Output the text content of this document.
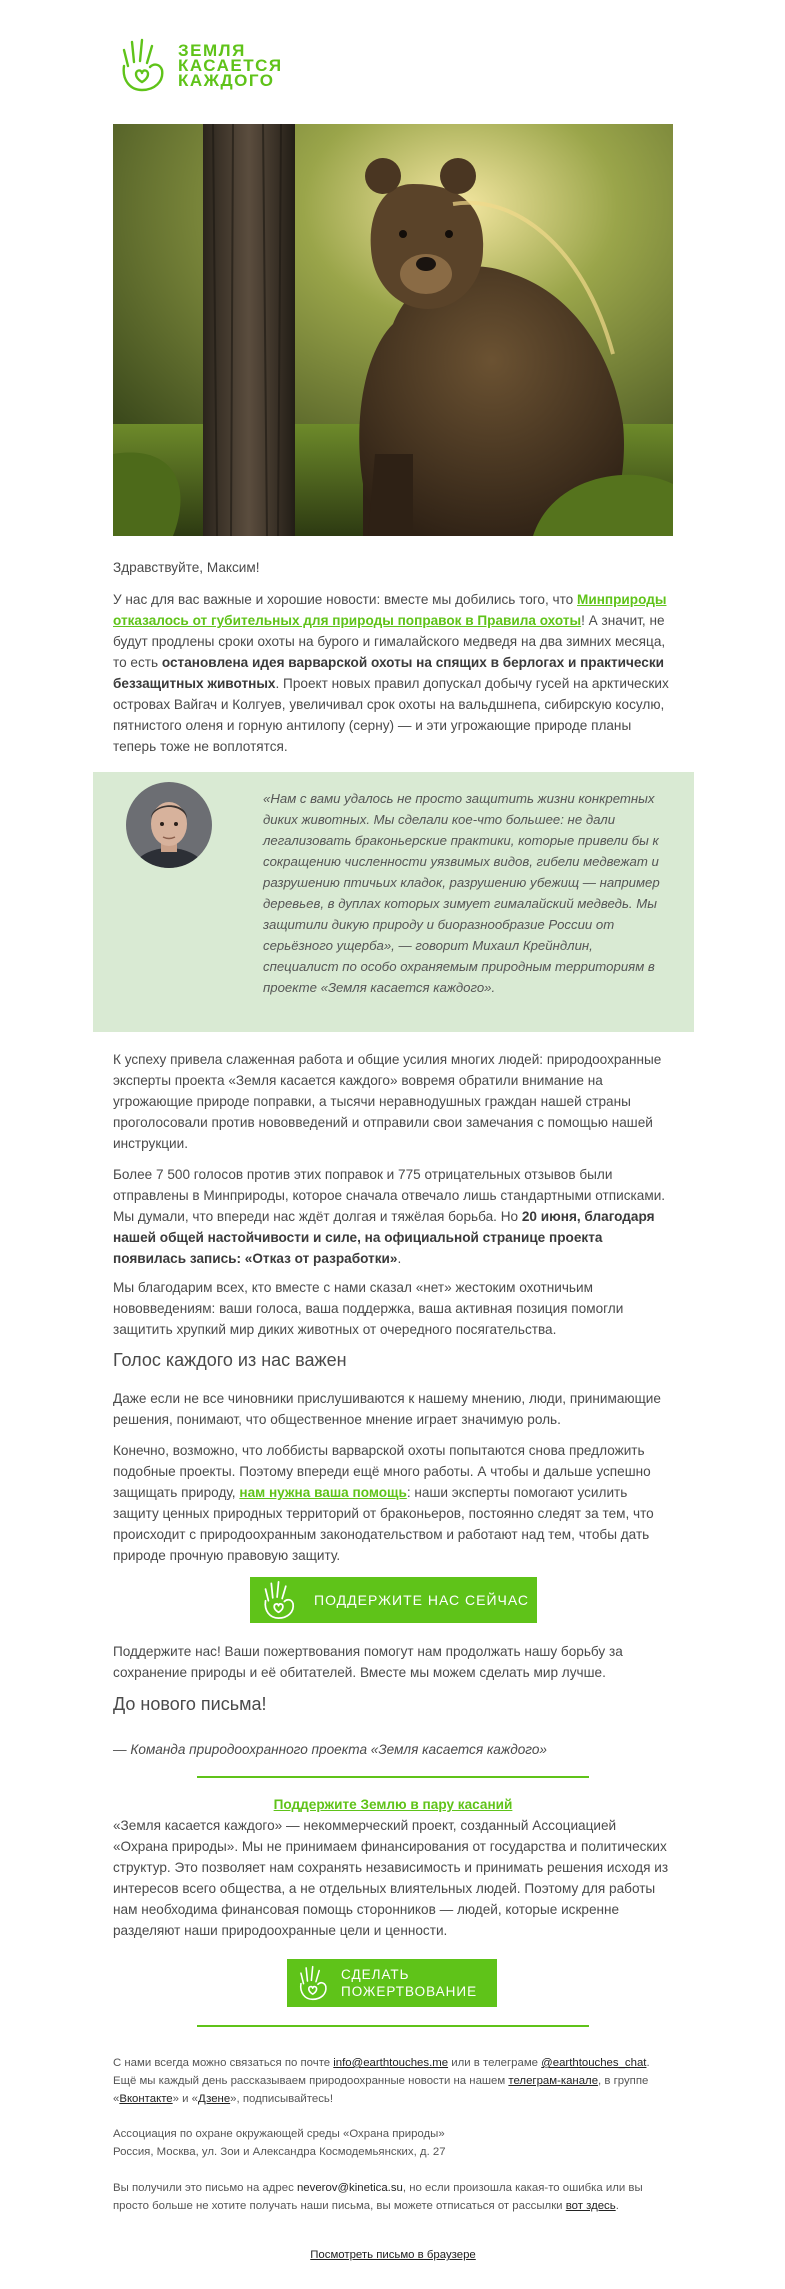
ЗЕМЛЯ
КАСАЕТСЯ
КАЖДОГО

Здравствуйте, Максим!

У нас для вас важные и хорошие новости: вместе мы добились того, что Минприроды отказалось от губительных для природы поправок в Правила охоты! А значит, не будут продлены сроки охоты на бурого и гималайского медведя на два зимних месяца, то есть остановлена идея варварской охоты на спящих в берлогах и практически беззащитных животных. Проект новых правил допускал добычу гусей на арктических островах Вайгач и Колгуев, увеличивал срок охоты на вальдшнепа, сибирскую косулю, пятнистого оленя и горную антилопу (серну) — и эти угрожающие природе планы теперь тоже не воплотятся.

«Нам с вами удалось не просто защитить жизни конкретных диких животных. Мы сделали кое-что большее: не дали легализовать браконьерские практики, которые привели бы к сокращению численности уязвимых видов, гибели медвежат и разрушению птичьих кладок, разрушению убежищ — например деревьев, в дуплах которых зимует гималайский медведь. Мы защитили дикую природу и биоразнообразие России от серьёзного ущерба», — говорит Михаил Крейндлин, специалист по особо охраняемым природным территориям в проекте «Земля касается каждого».

К успеху привела слаженная работа и общие усилия многих людей: природоохранные эксперты проекта «Земля касается каждого» вовремя обратили внимание на угрожающие природе поправки, а тысячи неравнодушных граждан нашей страны проголосовали против нововведений и отправили свои замечания с помощью нашей инструкции.

Более 7 500 голосов против этих поправок и 775 отрицательных отзывов были отправлены в Минприроды, которое сначала отвечало лишь стандартными отписками. Мы думали, что впереди нас ждёт долгая и тяжёлая борьба. Но 20 июня, благодаря нашей общей настойчивости и силе, на официальной странице проекта появилась запись: «Отказ от разработки».

Мы благодарим всех, кто вместе с нами сказал «нет» жестоким охотничьим нововведениям: ваши голоса, ваша поддержка, ваша активная позиция помогли защитить хрупкий мир диких животных от очередного посягательства.

Голос каждого из нас важен

Даже если не все чиновники прислушиваются к нашему мнению, люди, принимающие решения, понимают, что общественное мнение играет значимую роль.

Конечно, возможно, что лоббисты варварской охоты попытаются снова предложить подобные проекты. Поэтому впереди ещё много работы. А чтобы и дальше успешно защищать природу, нам нужна ваша помощь: наши эксперты помогают усилить защиту ценных природных территорий от браконьеров, постоянно следят за тем, что происходит с природоохранным законодательством и работают над тем, чтобы дать природе прочную правовую защиту.

ПОДДЕРЖИТЕ НАС СЕЙЧАС

Поддержите нас! Ваши пожертвования помогут нам продолжать нашу борьбу за сохранение природы и её обитателей. Вместе мы можем сделать мир лучше.

До нового письма!

— Команда природоохранного проекта «Земля касается каждого»

Поддержите Землю в пару касаний

«Земля касается каждого» — некоммерческий проект, созданный Ассоциацией «Охрана природы». Мы не принимаем финансирования от государства и политических структур. Это позволяет нам сохранять независимость и принимать решения исходя из интересов всего общества, а не отдельных влиятельных людей. Поэтому для работы нам необходима финансовая помощь сторонников — людей, которые искренне разделяют наши природоохранные цели и ценности.

СДЕЛАТЬ
ПОЖЕРТВОВАНИЕ
С нами всегда можно связаться по почте info@earthtouches.me или в телеграме @earthtouches_chat. Ещё мы каждый день рассказываем природоохранные новости на нашем телеграм-канале, в группе «Вконтакте» и «Дзене», подписывайтесь!
Ассоциация по охране окружающей среды «Охрана природы»
Россия, Москва, ул. Зои и Александра Космодемьянских, д. 27
Вы получили это письмо на адрес neverov@kinetica.su, но если произошла какая-то ошибка или вы просто больше не хотите получать наши письма, вы можете отписаться от рассылки вот здесь.
Посмотреть письмо в браузере
